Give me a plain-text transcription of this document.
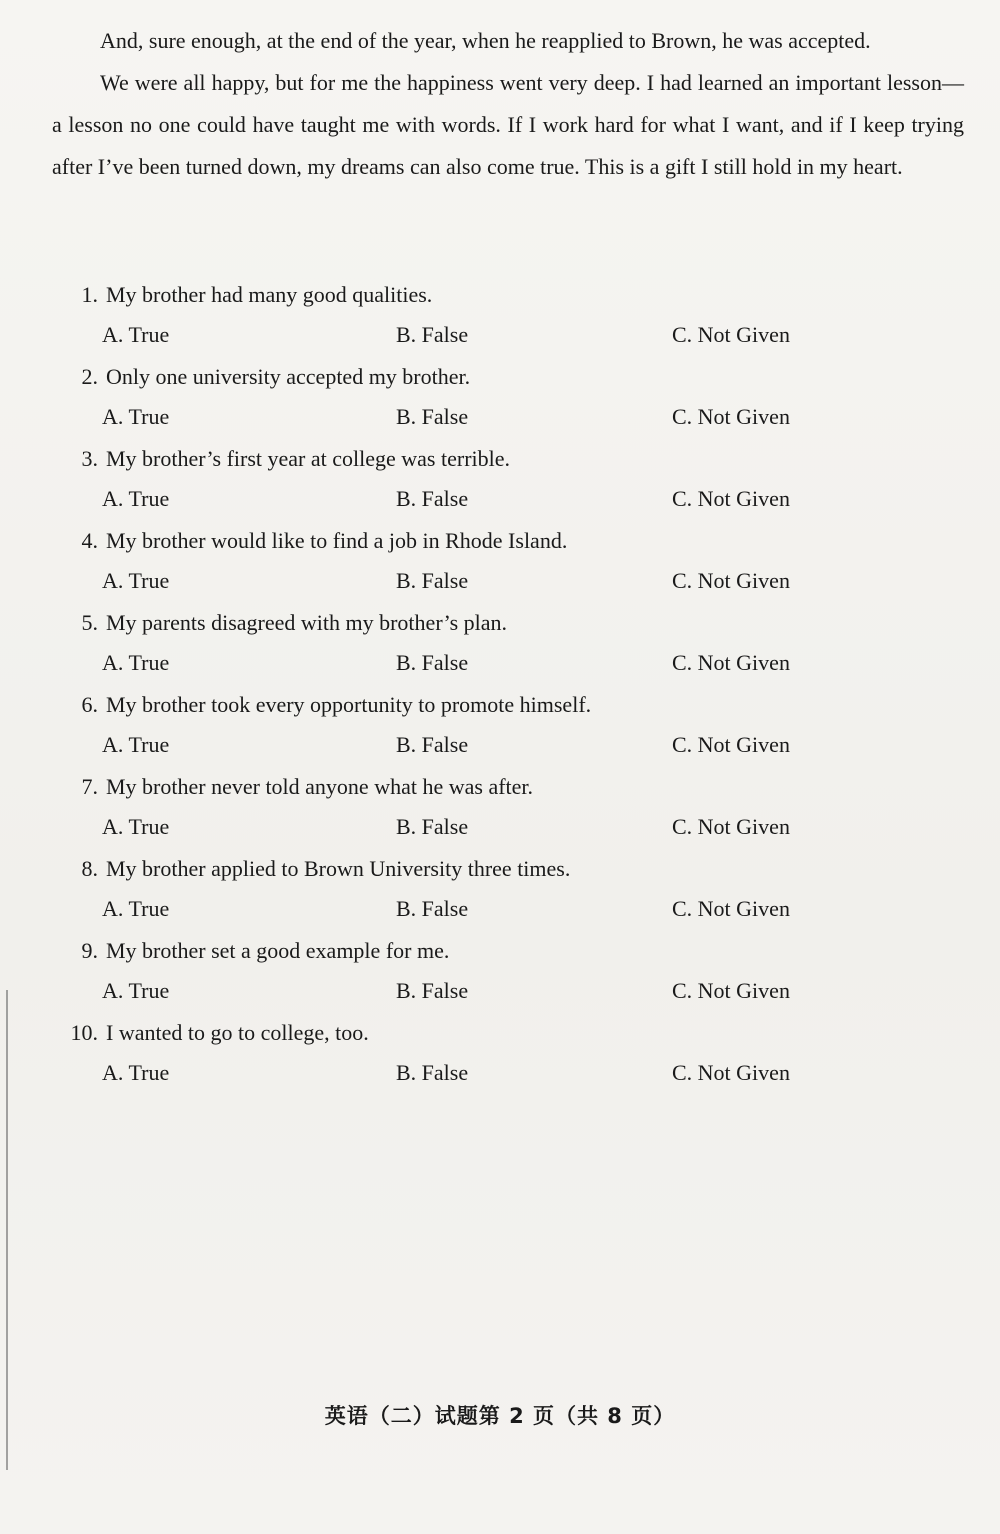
And, sure enough, at the end of the year, when he reapplied to Brown, he was accepted.

We were all happy, but for me the happiness went very deep. I had learned an important lesson—a lesson no one could have taught me with words. If I work hard for what I want, and if I keep trying after I’ve been turned down, my dreams can also come true. This is a gift I still hold in my heart.

1. My brother had many good qualities.
A. True	B. False	C. Not Given
2. Only one university accepted my brother.
A. True	B. False	C. Not Given
3. My brother’s first year at college was terrible.
A. True	B. False	C. Not Given
4. My brother would like to find a job in Rhode Island.
A. True	B. False	C. Not Given
5. My parents disagreed with my brother’s plan.
A. True	B. False	C. Not Given
6. My brother took every opportunity to promote himself.
A. True	B. False	C. Not Given
7. My brother never told anyone what he was after.
A. True	B. False	C. Not Given
8. My brother applied to Brown University three times.
A. True	B. False	C. Not Given
9. My brother set a good example for me.
A. True	B. False	C. Not Given
10. I wanted to go to college, too.
A. True	B. False	C. Not Given
英语（二）试题第 2 页（共 8 页）
